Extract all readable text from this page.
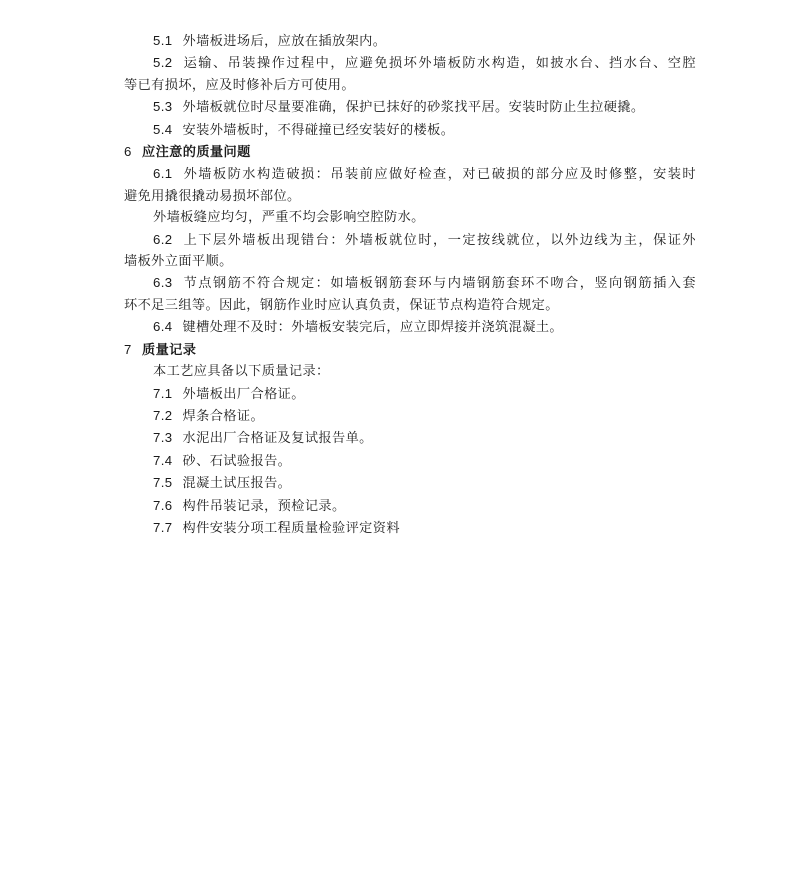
5.1 外墙板进场后，应放在插放架内。
5.2 运输、吊装操作过程中，应避免损坏外墙板防水构造，如披水台、挡水台、空腔
等已有损坏，应及时修补后方可使用。
5.3 外墙板就位时尽量要准确，保护已抹好的砂浆找平居。安装时防止生拉硬撬。
5.4 安装外墙板时，不得碰撞已经安装好的楼板。
6 应注意的质量问题
6.1 外墙板防水构造破损：吊装前应做好检查，对已破损的部分应及时修整，安装时
避免用撬很撬动易损坏部位。
外墙板缝应均匀，严重不均会影响空腔防水。
6.2 上下层外墙板出现错台：外墙板就位时，一定按线就位，以外边线为主，保证外
墙板外立面平顺。
6.3 节点钢筋不符合规定：如墙板钢筋套环与内墙钢筋套环不吻合，竖向钢筋插入套
环不足三组等。因此，钢筋作业时应认真负责，保证节点构造符合规定。
6.4 键槽处理不及时：外墙板安装完后，应立即焊接并浇筑混凝土。
7 质量记录
本工艺应具备以下质量记录：
7.1 外墙板出厂合格证。
7.2 焊条合格证。
7.3 水泥出厂合格证及复试报告单。
7.4 砂、石试验报告。
7.5 混凝土试压报告。
7.6 构件吊装记录，预检记录。
7.7 构件安装分项工程质量检验评定资料
